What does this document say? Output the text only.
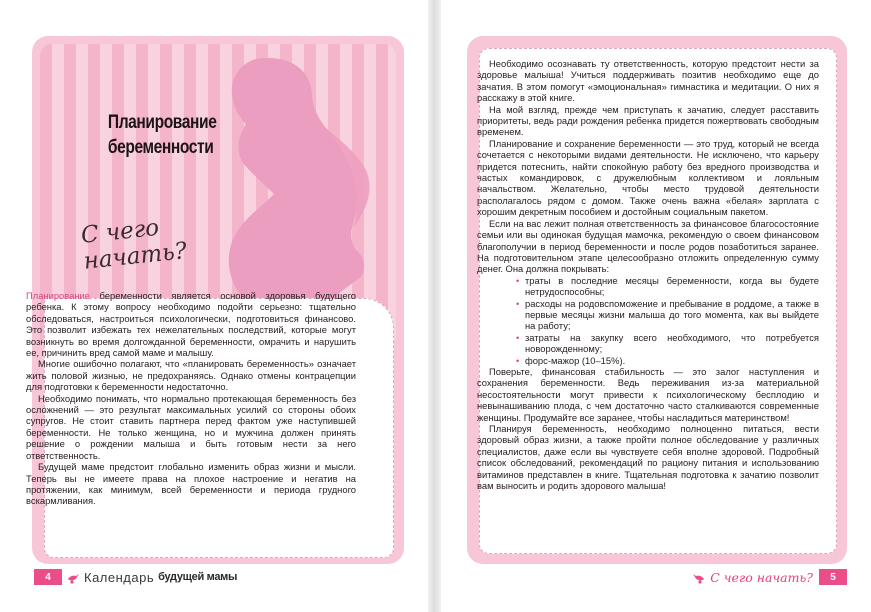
Планирование
беременности
С чего начать?

Планирование беременности является основой здоровья будущего ребенка. К этому вопросу необходимо подойти серьезно: тщательно обследоваться, настроиться психологически, подготовиться финансово. Это позволит избежать тех нежелательных последствий, которые могут возникнуть во время долгожданной беременности, омрачить и нарушить ее, причинить вред самой маме и малышу.

Многие ошибочно полагают, что «планировать беременность» означает жить половой жизнью, не предохраняясь. Однако отмены контрацепции для подготовки к беременности недостаточно.

Необходимо понимать, что нормально протекающая беременность без осложнений — это результат максимальных усилий со стороны обоих супругов. Не стоит ставить партнера перед фактом уже наступившей беременности. Не только женщина, но и мужчина должен принять решение о рождении малыша и быть готовым нести за него ответственность.

Будущей маме предстоит глобально изменить образ жизни и мысли. Теперь вы не имеете права на плохое настроение и негатив на протяжении, как минимум, всей беременности и периода грудного вскармливания.

4	Календарь будущей мамы

Необходимо осознавать ту ответственность, которую предстоит нести за здоровье малыша! Учиться поддерживать позитив необходимо еще до зачатия. В этом помогут «эмоциональная» гимнастика и медитации. О них я расскажу в этой книге.

На мой взгляд, прежде чем приступать к зачатию, следует расставить приоритеты, ведь ради рождения ребенка придется пожертвовать свободным временем.

Планирование и сохранение беременности — это труд, который не всегда сочетается с некоторыми видами деятельности. Не исключено, что карьеру придется потеснить, найти спокойную работу без вредного производства и частых командировок, с дружелюбным коллективом и лояльным начальством. Желательно, чтобы место трудовой деятельности располагалось рядом с домом. Также очень важна «белая» зарплата с хорошим декретным пособием и достойным социальным пакетом.

Если на вас лежит полная ответственность за финансовое благосостояние семьи или вы одинокая будущая мамочка, рекомендую о своем финансовом благополучии в период беременности и после родов позаботиться заранее. На подготовительном этапе целесообразно отложить определенную сумму денег. Она должна покрывать:

• траты в последние месяцы беременности, когда вы будете нетрудоспособны;
• расходы на родовспоможение и пребывание в роддоме, а также в первые месяцы жизни малыша до того момента, как вы выйдете на работу;
• затраты на закупку всего необходимого, что потребуется новорожденному;
• форс-мажор (10–15%).

Поверьте, финансовая стабильность — это залог наступления и сохранения беременности. Ведь переживания из-за материальной несостоятельности могут привести к психологическому бесплодию и невынашиванию плода, с чем достаточно часто сталкиваются современные женщины. Продумайте все заранее, чтобы насладиться материнством!

Планируя беременность, необходимо полноценно питаться, вести здоровый образ жизни, а также пройти полное обследование у различных специалистов, даже если вы чувствуете себя вполне здоровой. Подробный список обследований, рекомендаций по рациону питания и использованию витаминов представлен в книге. Тщательная подготовка к зачатию позволит вам выносить и родить здорового малыша!

С чего начать?	5
